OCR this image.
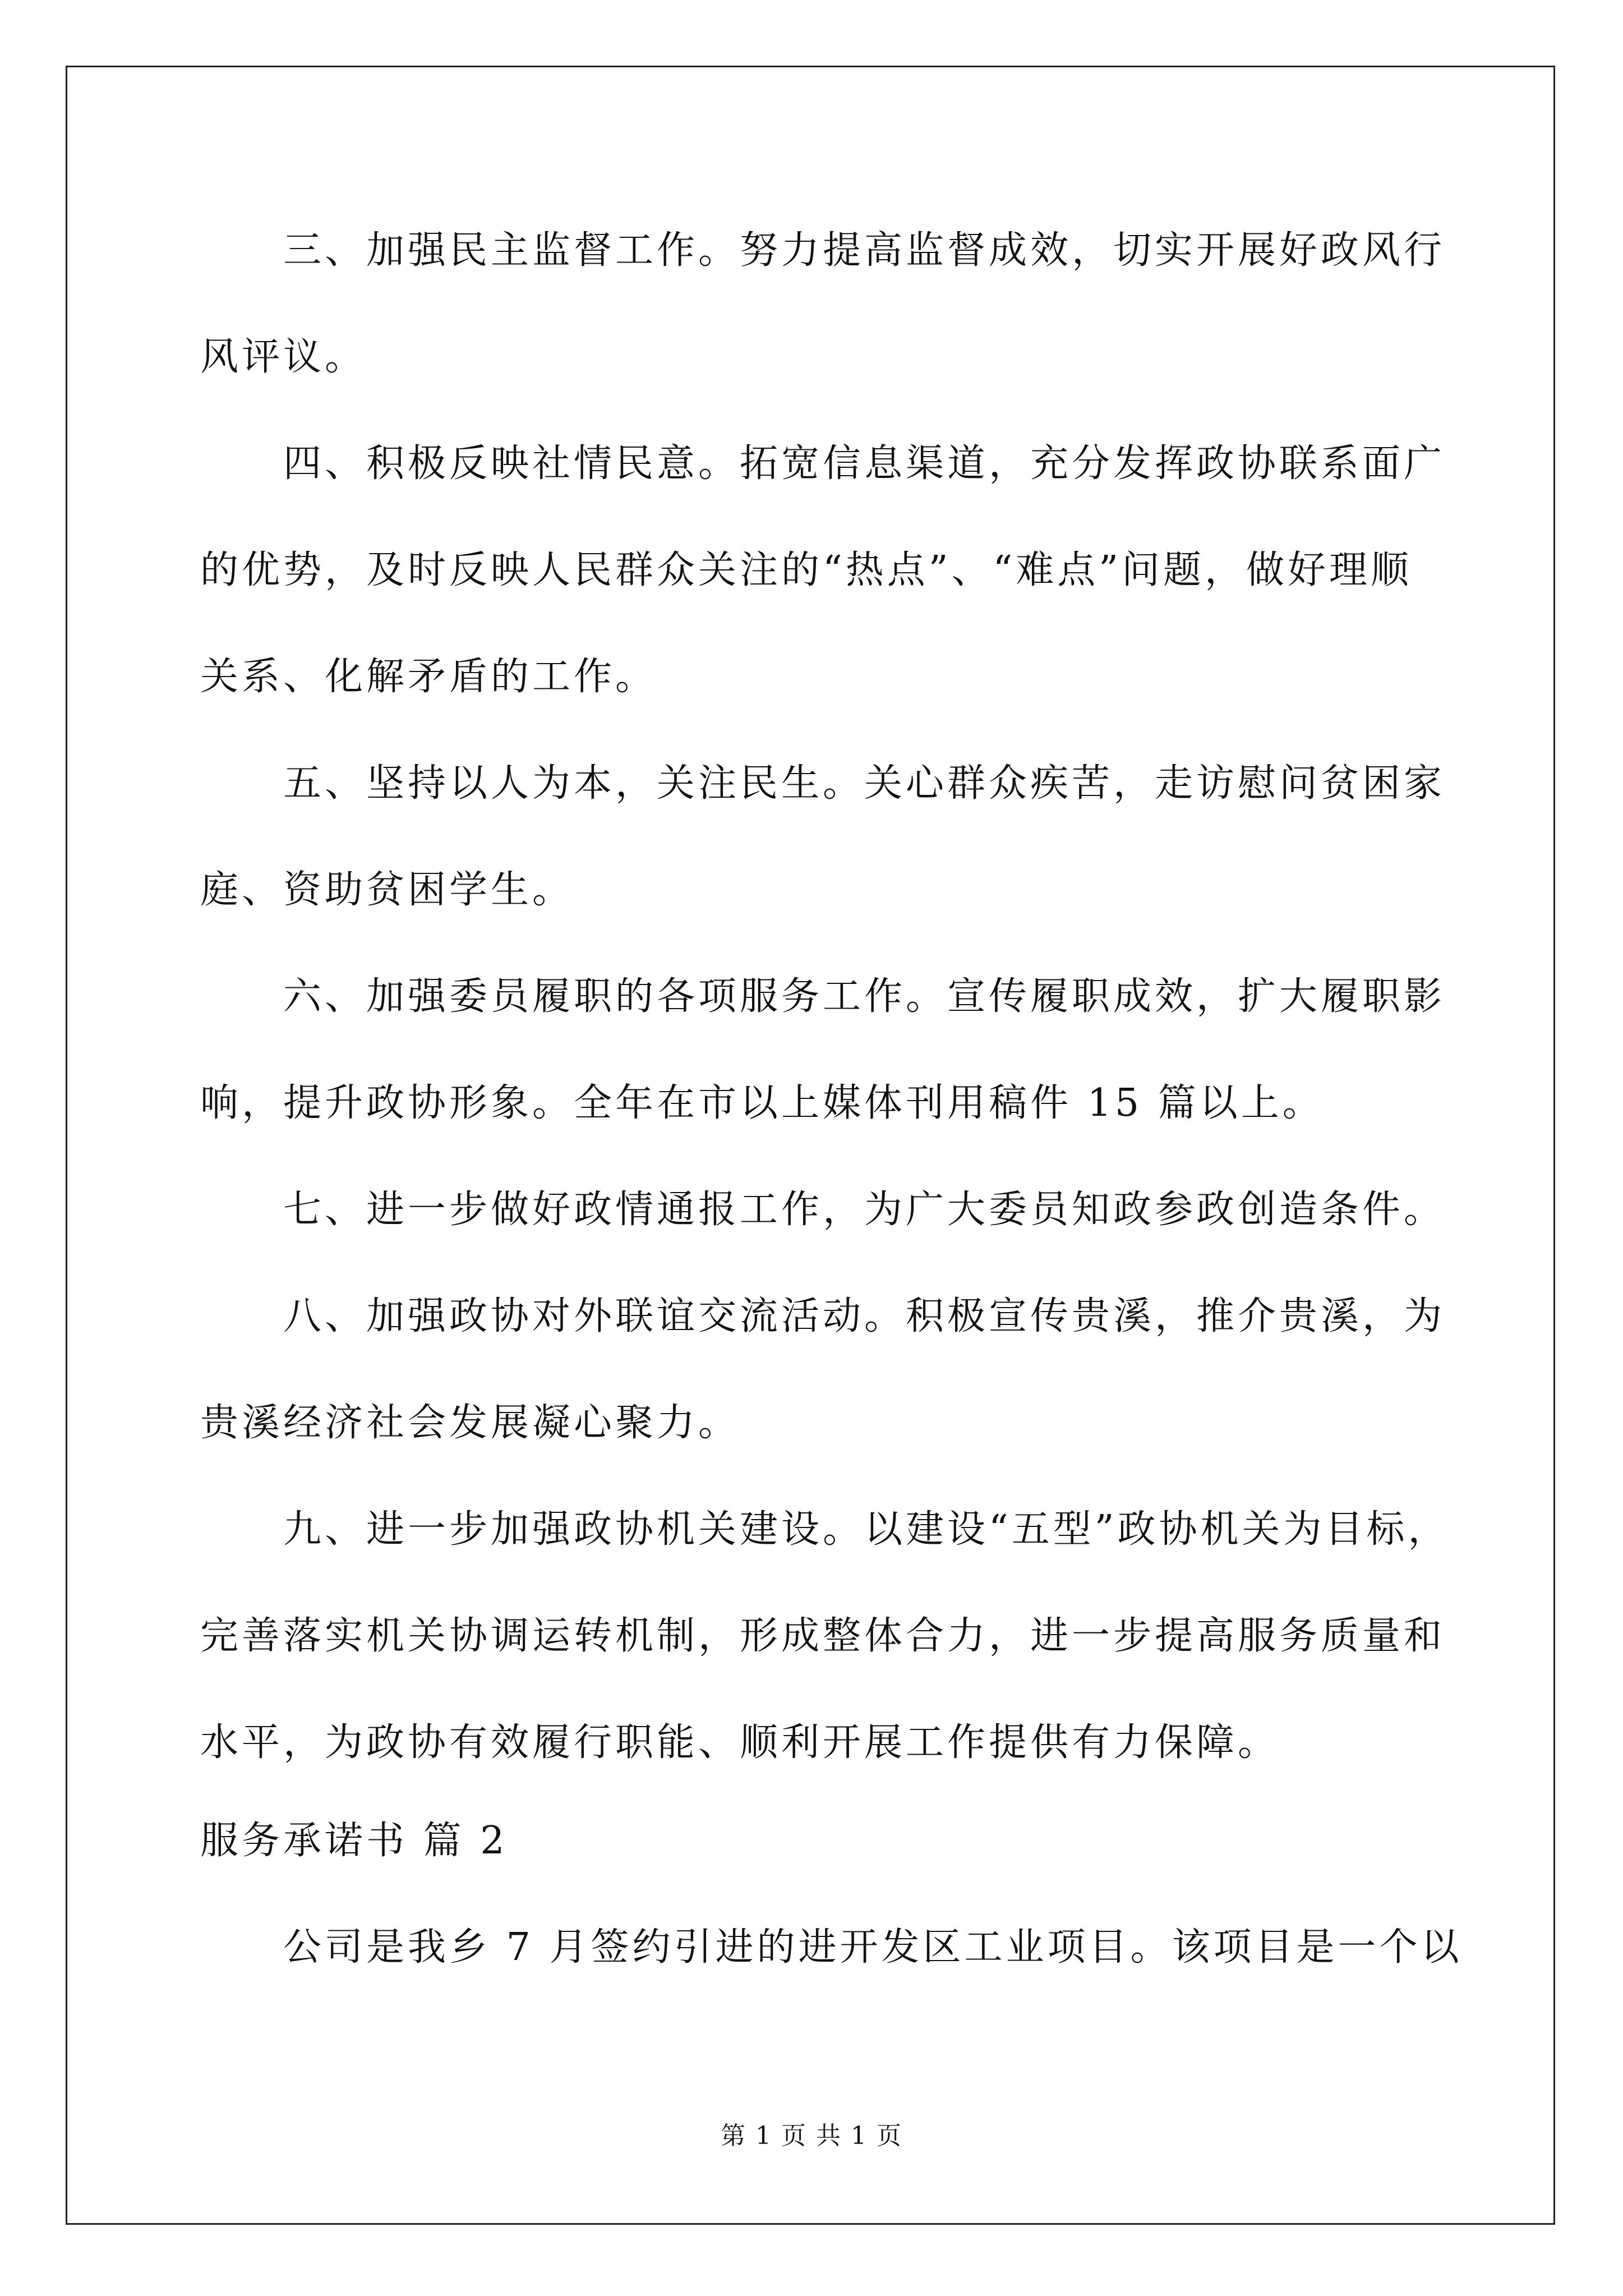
三、加强民主监督工作。努力提高监督成效，切实开展好政风行
风评议。
四、积极反映社情民意。拓宽信息渠道，充分发挥政协联系面广
的优势，及时反映人民群众关注的“热点”、“难点”问题，做好理顺
关系、化解矛盾的工作。
五、坚持以人为本，关注民生。关心群众疾苦，走访慰问贫困家
庭、资助贫困学生。
六、加强委员履职的各项服务工作。宣传履职成效，扩大履职影
响，提升政协形象。全年在市以上媒体刊用稿件 15 篇以上。
七、进一步做好政情通报工作，为广大委员知政参政创造条件。
八、加强政协对外联谊交流活动。积极宣传贵溪，推介贵溪，为
贵溪经济社会发展凝心聚力。
九、进一步加强政协机关建设。以建设“五型”政协机关为目标，
完善落实机关协调运转机制，形成整体合力，进一步提高服务质量和
水平，为政协有效履行职能、顺利开展工作提供有力保障。
服务承诺书 篇 2
公司是我乡 7 月签约引进的进开发区工业项目。该项目是一个以
第 1 页 共 1 页
